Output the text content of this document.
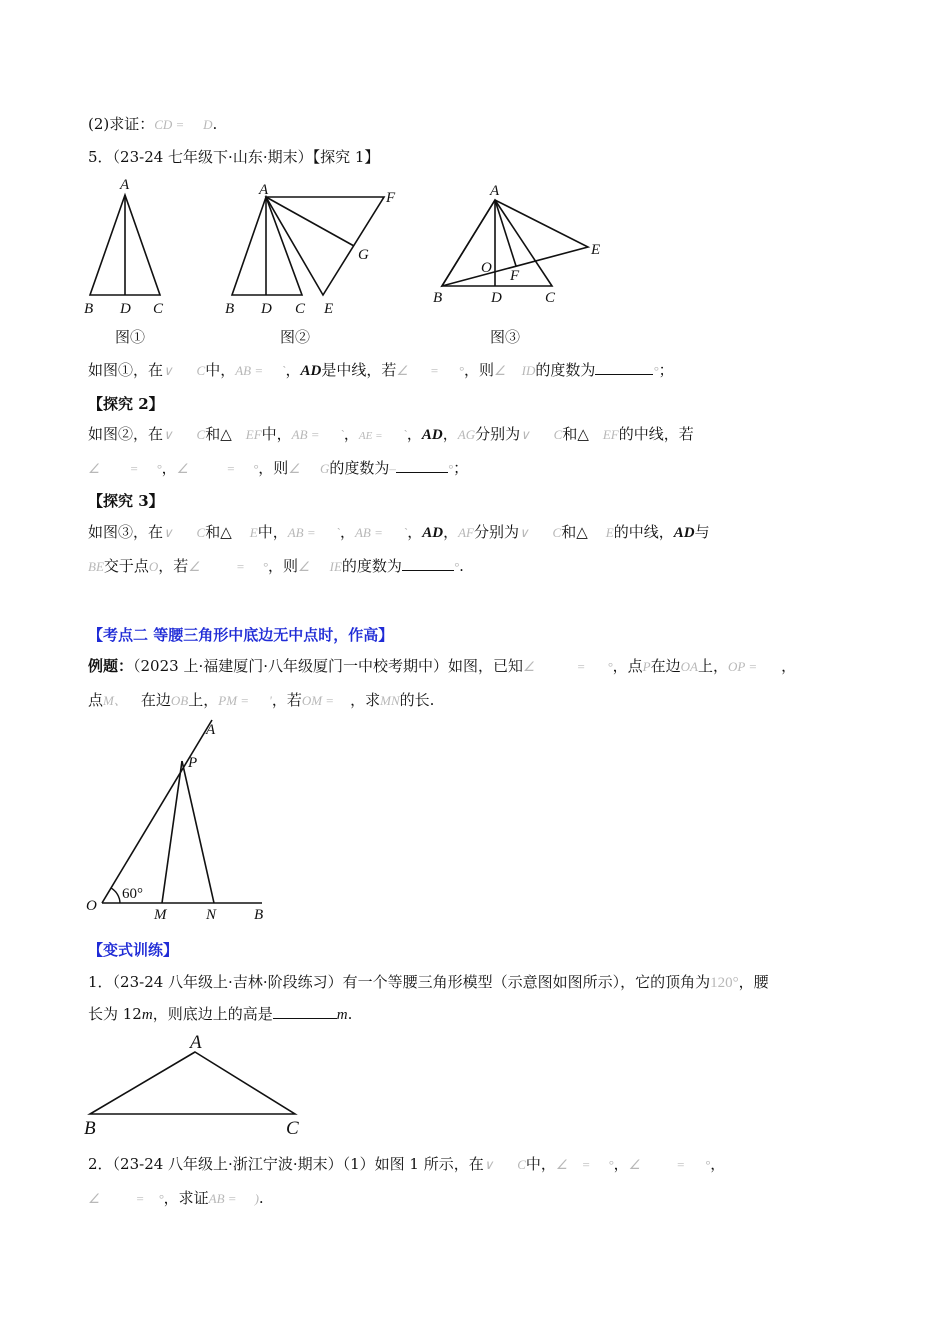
(2)求证：CD = D.
5．（23-24 七年级下·山东·期末）【探究 1】
A
B D C
A	F
G
B D C E
A
E
O F
B	D	C
图①	图②	图③
如图①，在∨ C中，AB = `，AD是中线，若∠ = °，则∠ ID的度数为	°；
【探究 2】
如图②，在∨ C和△ EF中，AB = `，AE = `，AD，AG分别为∨ C和△ EF的中线，若
∠ = °，∠	= °，则∠ G的度数为–	°；
【探究 3】
如图③，在∨ C和△ E中，AB = `，AB = `，AD，AF分别为∨ C和△ E的中线，AD与
BE交于点O，若∠	= °，则∠ IE的度数为	°.
【考点二 等腰三角形中底边无中点时，作高】
例题：（2023 上·福建厦门·八年级厦门一中校考期中）如图，已知∠	= °，点P在边OA上，OP = ，
点M、 在边OB上，PM = '，若OM = ，求MN的长.
A
P
O
M	N	B
60°
【变式训练】
1．（23-24 八年级上·吉林·阶段练习）有一个等腰三角形模型（示意图如图所示），它的顶角为120°，腰
长为 12m，则底边上的高是	m.
A
B	C
2．（23-24 八年级上·浙江宁波·期末）（1）如图 1 所示，在∨ C中，∠ = °，∠	= °，
∠	= °，求证AB = ).
